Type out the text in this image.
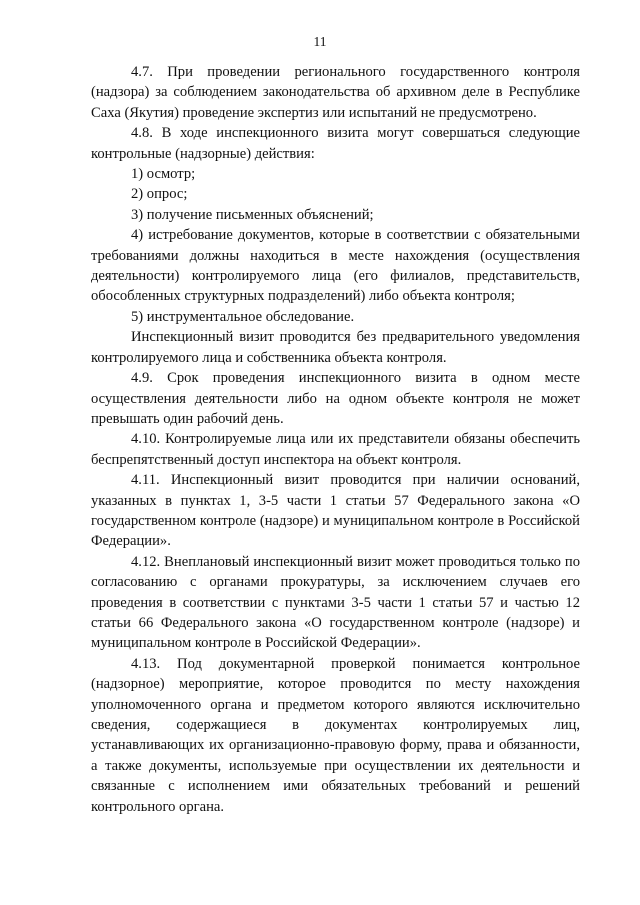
11

4.7. При проведении регионального государственного контроля (надзора) за соблюдением законодательства об архивном деле в Республике Саха (Якутия) проведение экспертиз или испытаний не предусмотрено.

4.8. В ходе инспекционного визита могут совершаться следующие контрольные (надзорные) действия:

1) осмотр;

2) опрос;

3) получение письменных объяснений;

4) истребование документов, которые в соответствии с обязательными требованиями должны находиться в месте нахождения (осуществления деятельности) контролируемого лица (его филиалов, представительств, обособленных структурных подразделений) либо объекта контроля;

5) инструментальное обследование.

Инспекционный визит проводится без предварительного уведомления контролируемого лица и собственника объекта контроля.

4.9. Срок проведения инспекционного визита в одном месте осуществления деятельности либо на одном объекте контроля не может превышать один рабочий день.

4.10. Контролируемые лица или их представители обязаны обеспечить беспрепятственный доступ инспектора на объект контроля.

4.11. Инспекционный визит проводится при наличии оснований, указанных в пунктах 1, 3-5 части 1 статьи 57 Федерального закона «О государственном контроле (надзоре) и муниципальном контроле в Российской Федерации».

4.12. Внеплановый инспекционный визит может проводиться только по согласованию с органами прокуратуры, за исключением случаев его проведения в соответствии с пунктами 3-5 части 1 статьи 57 и частью 12 статьи 66 Федерального закона «О государственном контроле (надзоре) и муниципальном контроле в Российской Федерации».

4.13. Под документарной проверкой понимается контрольное (надзорное) мероприятие, которое проводится по месту нахождения уполномоченного органа и предметом которого являются исключительно сведения, содержащиеся в документах контролируемых лиц, устанавливающих их организационно-правовую форму, права и обязанности, а также документы, используемые при осуществлении их деятельности и связанные с исполнением ими обязательных требований и решений контрольного органа.
